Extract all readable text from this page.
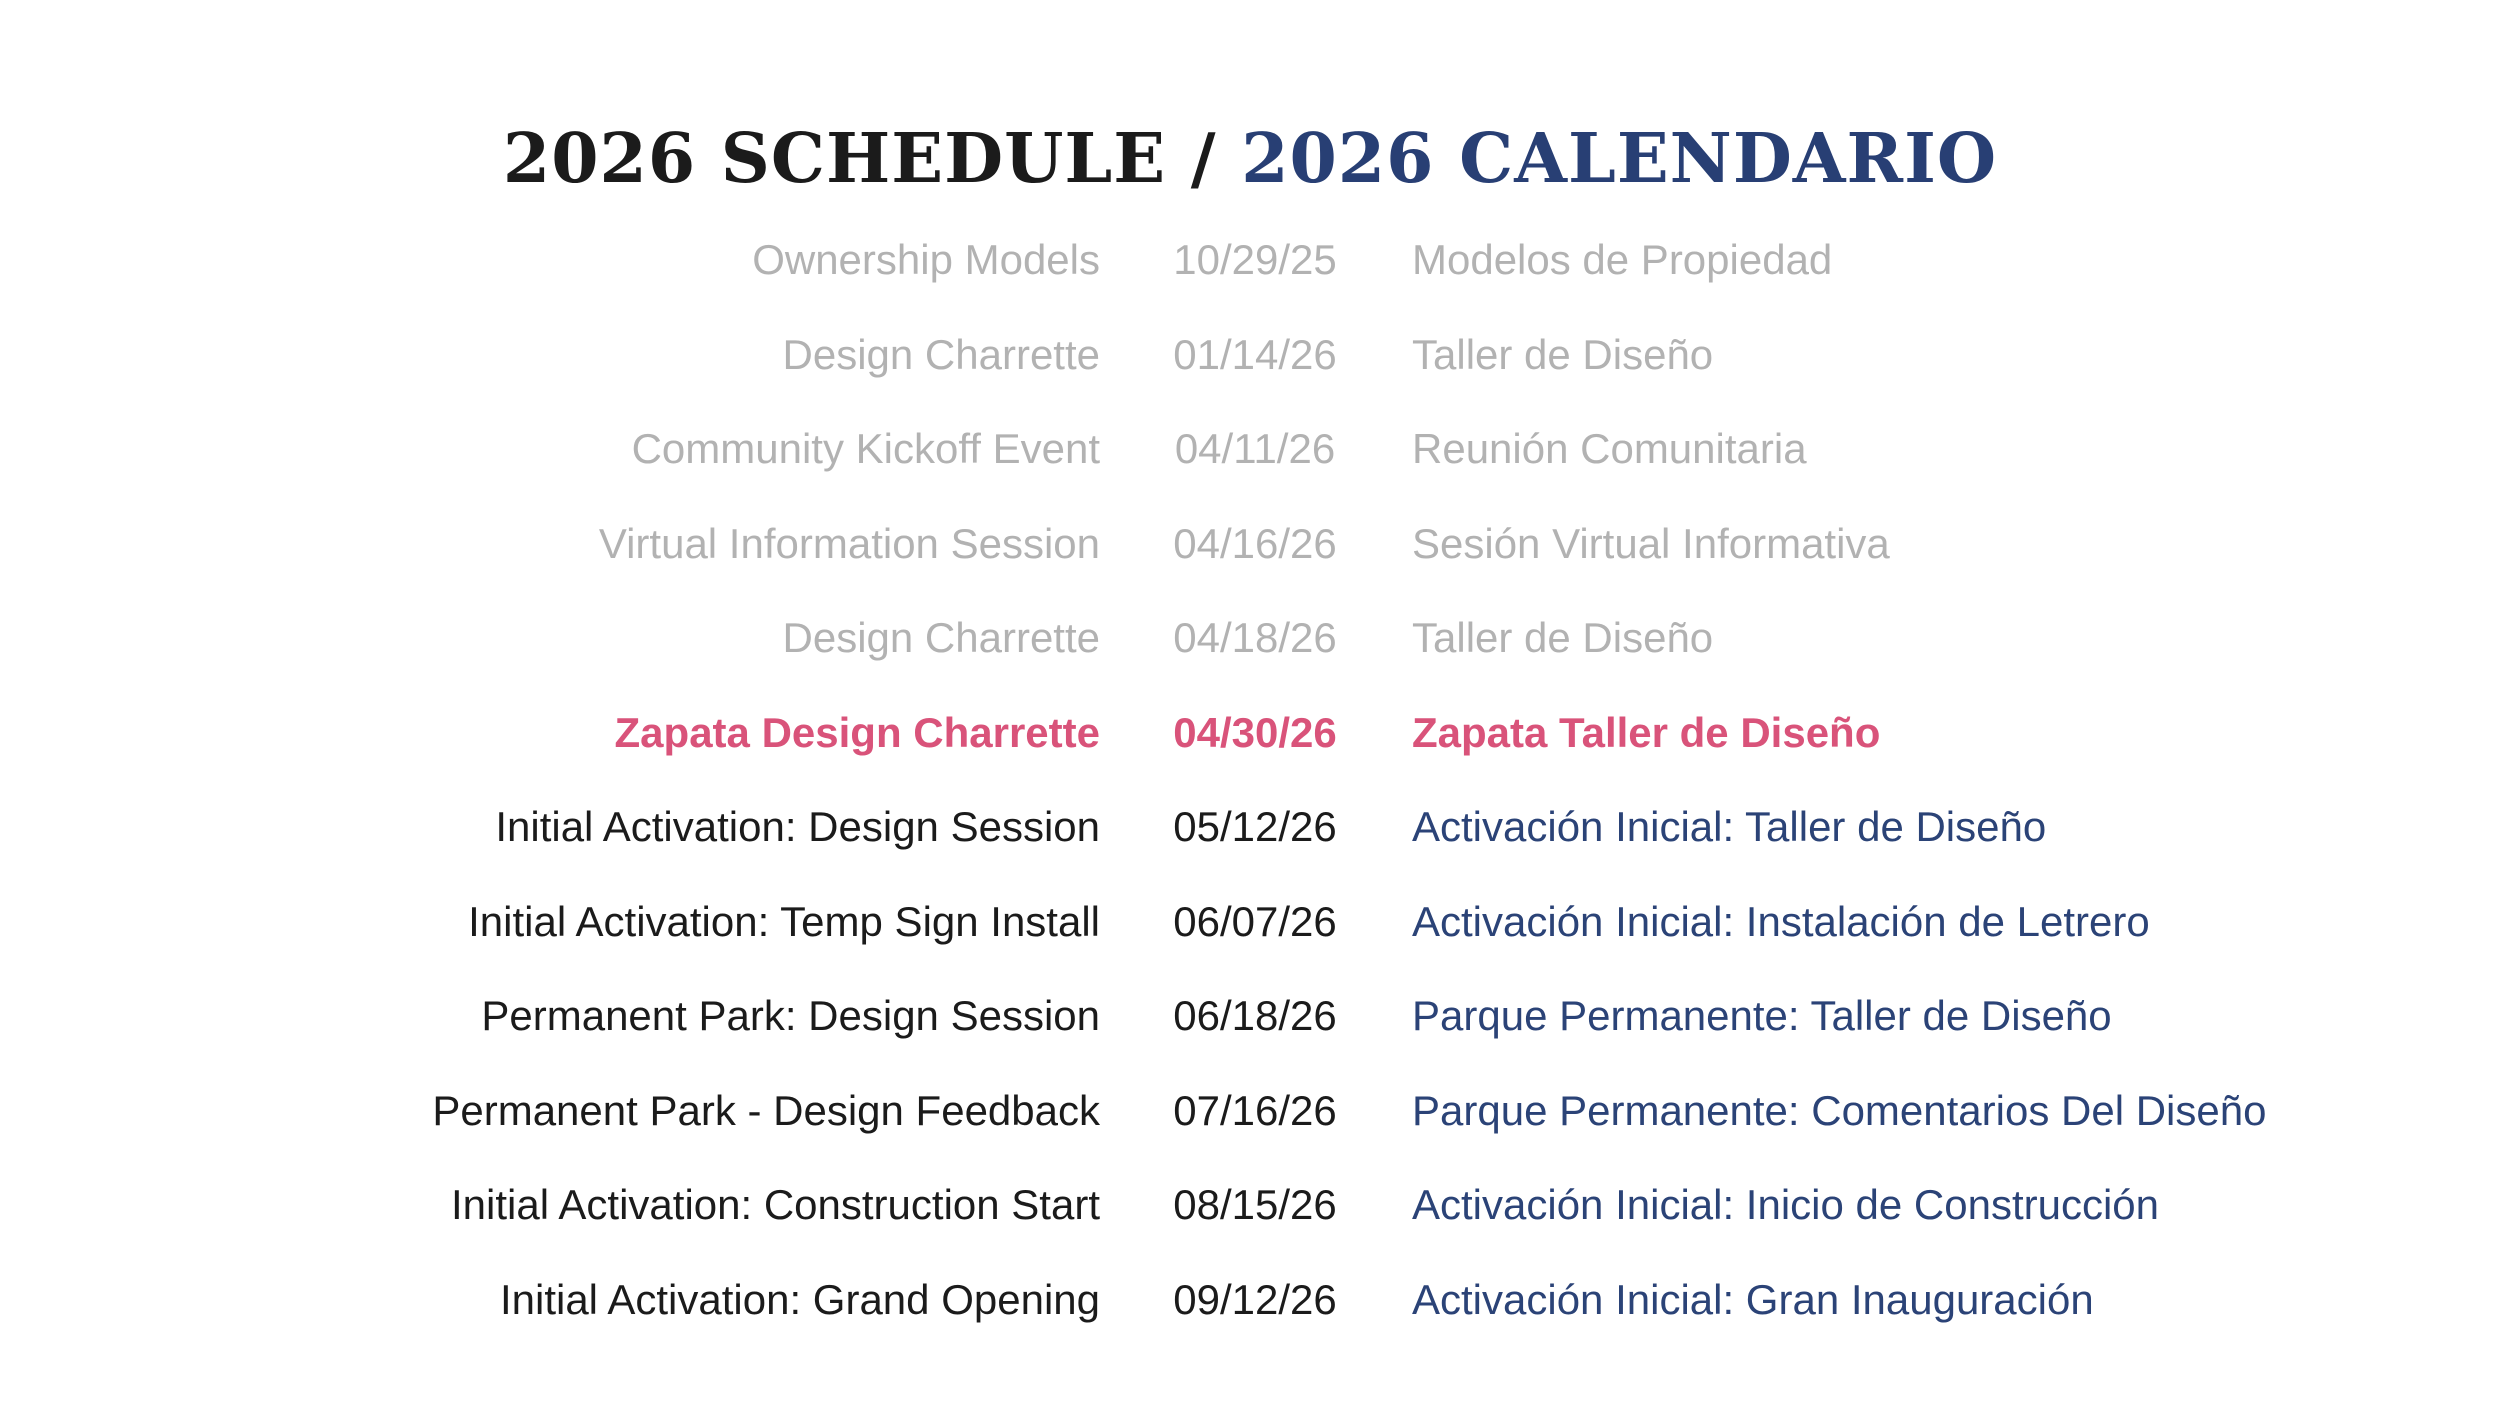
2026 SCHEDULE / 2026 CALENDARIO
Ownership Models	10/29/25	Modelos de Propiedad
Design Charrette	01/14/26	Taller de Diseño
Community Kickoff Event	04/11/26	Reunión Comunitaria
Virtual Information Session	04/16/26	Sesión Virtual Informativa
Design Charrette	04/18/26	Taller de Diseño
Zapata Design Charrette	04/30/26	Zapata Taller de Diseño
Initial Activation: Design Session	05/12/26	Activación Inicial: Taller de Diseño
Initial Activation: Temp Sign Install	06/07/26	Activación Inicial: Instalación de Letrero
Permanent Park: Design Session	06/18/26	Parque Permanente: Taller de Diseño
Permanent Park - Design Feedback	07/16/26	Parque Permanente: Comentarios Del Diseño
Initial Activation: Construction Start	08/15/26	Activación Inicial: Inicio de Construcción
Initial Activation: Grand Opening	09/12/26	Activación Inicial: Gran Inauguración
